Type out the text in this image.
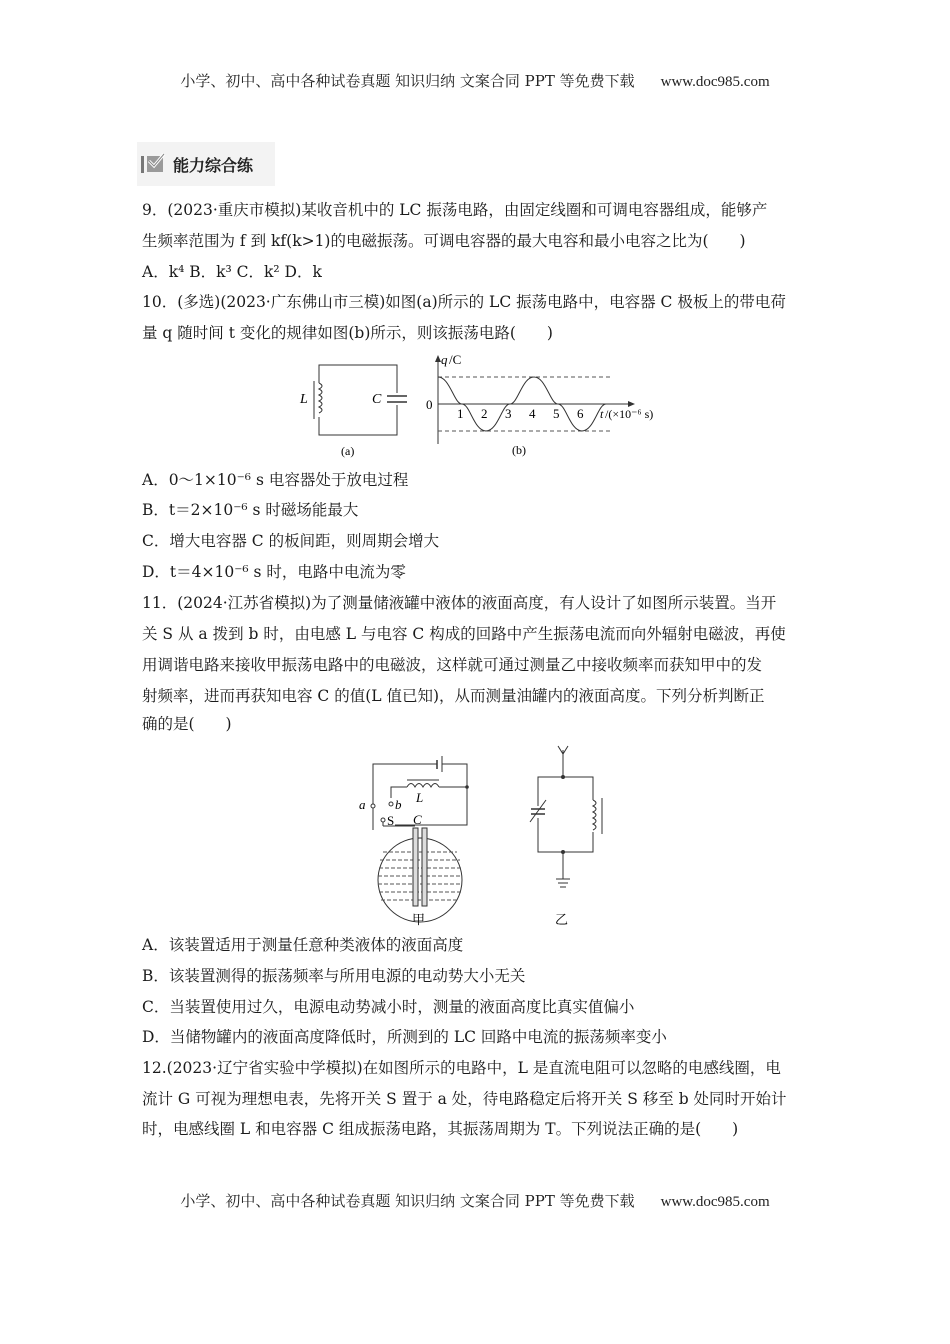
小学、初中、高中各种试卷真题 知识归纳 文案合同 PPT 等免费下载 www.doc985.com
能力综合练
9．(2023·重庆市模拟)某收音机中的 LC 振荡电路，由固定线圈和可调电容器组成，能够产
生频率范围为 f 到 kf(k>1)的电磁振荡。可调电容器的最大电容和最小电容之比为(　　)
A．k⁴ B．k³ C．k² D．k
10．(多选)(2023·广东佛山市三模)如图(a)所示的 LC 振荡电路中，电容器 C 极板上的带电荷
量 q 随时间 t 变化的规律如图(b)所示，则该振荡电路(　　)
L	C
(a)
q /C
0
1 2 3 4 5 6 t /(×10⁻⁶ s)
(b)
A．0～1×10⁻⁶ s 电容器处于放电过程
B．t＝2×10⁻⁶ s 时磁场能最大
C．增大电容器 C 的板间距，则周期会增大
D．t＝4×10⁻⁶ s 时，电路中电流为零
11．(2024·江苏省模拟)为了测量储液罐中液体的液面高度，有人设计了如图所示装置。当开
关 S 从 a 拨到 b 时，由电感 L 与电容 C 构成的回路中产生振荡电流而向外辐射电磁波，再使
用调谐电路来接收甲振荡电路中的电磁波，这样就可通过测量乙中接收频率而获知甲中的发
射频率，进而再获知电容 C 的值(L 值已知)，从而测量油罐内的液面高度。下列分析判断正
确的是(　　)
a b
S
L
C
甲	乙
A．该装置适用于测量任意种类液体的液面高度
B．该装置测得的振荡频率与所用电源的电动势大小无关
C．当装置使用过久，电源电动势减小时，测量的液面高度比真实值偏小
D．当储物罐内的液面高度降低时，所测到的 LC 回路中电流的振荡频率变小
12.(2023·辽宁省实验中学模拟)在如图所示的电路中，L 是直流电阻可以忽略的电感线圈，电
流计 G 可视为理想电表，先将开关 S 置于 a 处，待电路稳定后将开关 S 移至 b 处同时开始计
时，电感线圈 L 和电容器 C 组成振荡电路，其振荡周期为 T。下列说法正确的是(　　)
小学、初中、高中各种试卷真题 知识归纳 文案合同 PPT 等免费下载 www.doc985.com
